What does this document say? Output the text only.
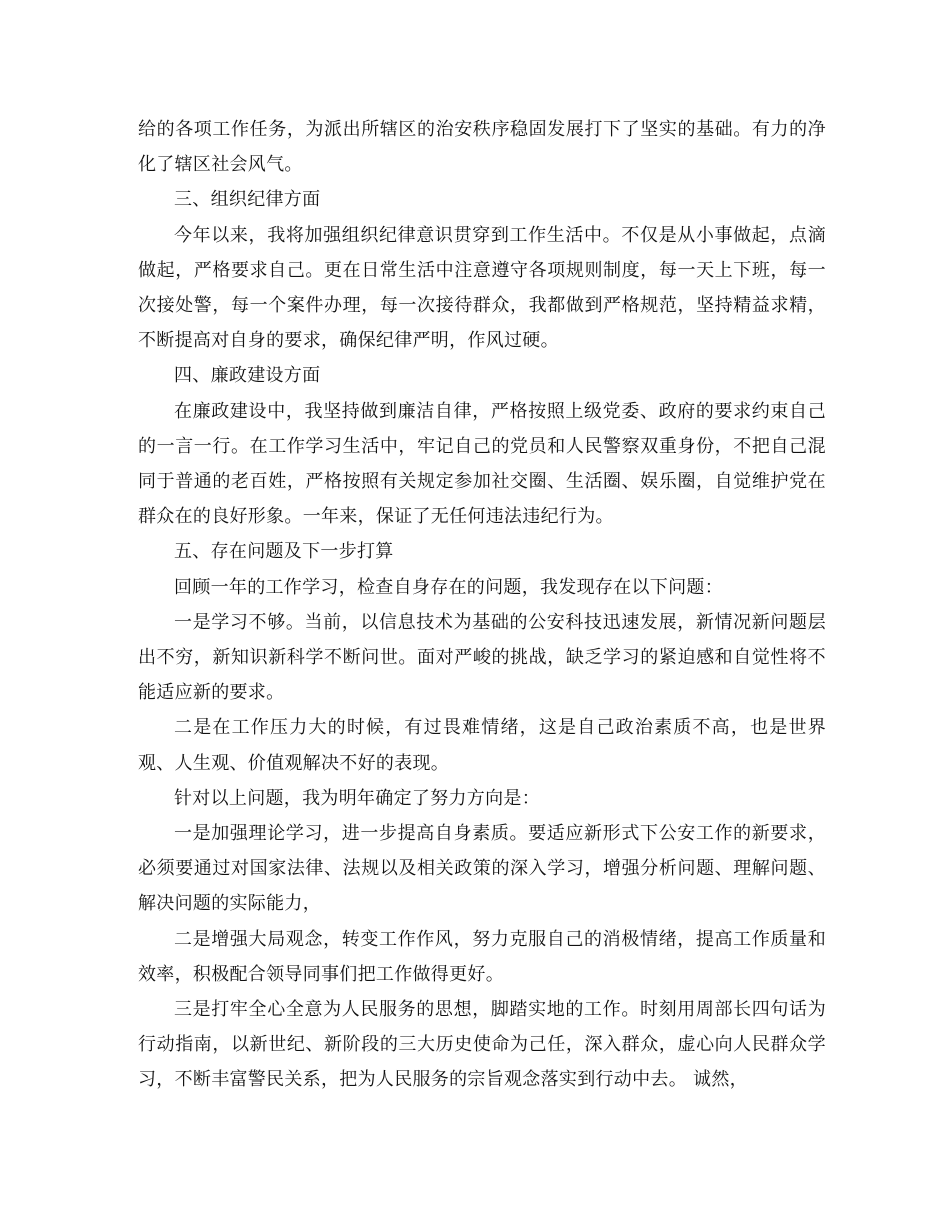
给的各项工作任务，为派出所辖区的治安秩序稳固发展打下了坚实的基础。有力的净化了辖区社会风气。

三、组织纪律方面

今年以来，我将加强组织纪律意识贯穿到工作生活中。不仅是从小事做起，点滴做起，严格要求自己。更在日常生活中注意遵守各项规则制度，每一天上下班，每一次接处警，每一个案件办理，每一次接待群众，我都做到严格规范，坚持精益求精，不断提高对自身的要求，确保纪律严明，作风过硬。

四、廉政建设方面

在廉政建设中，我坚持做到廉洁自律，严格按照上级党委、政府的要求约束自己的一言一行。在工作学习生活中，牢记自己的党员和人民警察双重身份，不把自己混同于普通的老百姓，严格按照有关规定参加社交圈、生活圈、娱乐圈，自觉维护党在群众在的良好形象。一年来，保证了无任何违法违纪行为。

五、存在问题及下一步打算

回顾一年的工作学习，检查自身存在的问题，我发现存在以下问题：

一是学习不够。当前，以信息技术为基础的公安科技迅速发展，新情况新问题层出不穷，新知识新科学不断问世。面对严峻的挑战，缺乏学习的紧迫感和自觉性将不能适应新的要求。

二是在工作压力大的时候，有过畏难情绪，这是自己政治素质不高，也是世界观、人生观、价值观解决不好的表现。

针对以上问题，我为明年确定了努力方向是：

一是加强理论学习，进一步提高自身素质。要适应新形式下公安工作的新要求，必须要通过对国家法律、法规以及相关政策的深入学习，增强分析问题、理解问题、解决问题的实际能力，

二是增强大局观念，转变工作作风，努力克服自己的消极情绪，提高工作质量和效率，积极配合领导同事们把工作做得更好。

三是打牢全心全意为人民服务的思想，脚踏实地的工作。时刻用周部长四句话为行动指南，以新世纪、新阶段的三大历史使命为己任，深入群众，虚心向人民群众学习，不断丰富警民关系，把为人民服务的宗旨观念落实到行动中去。 诚然，
